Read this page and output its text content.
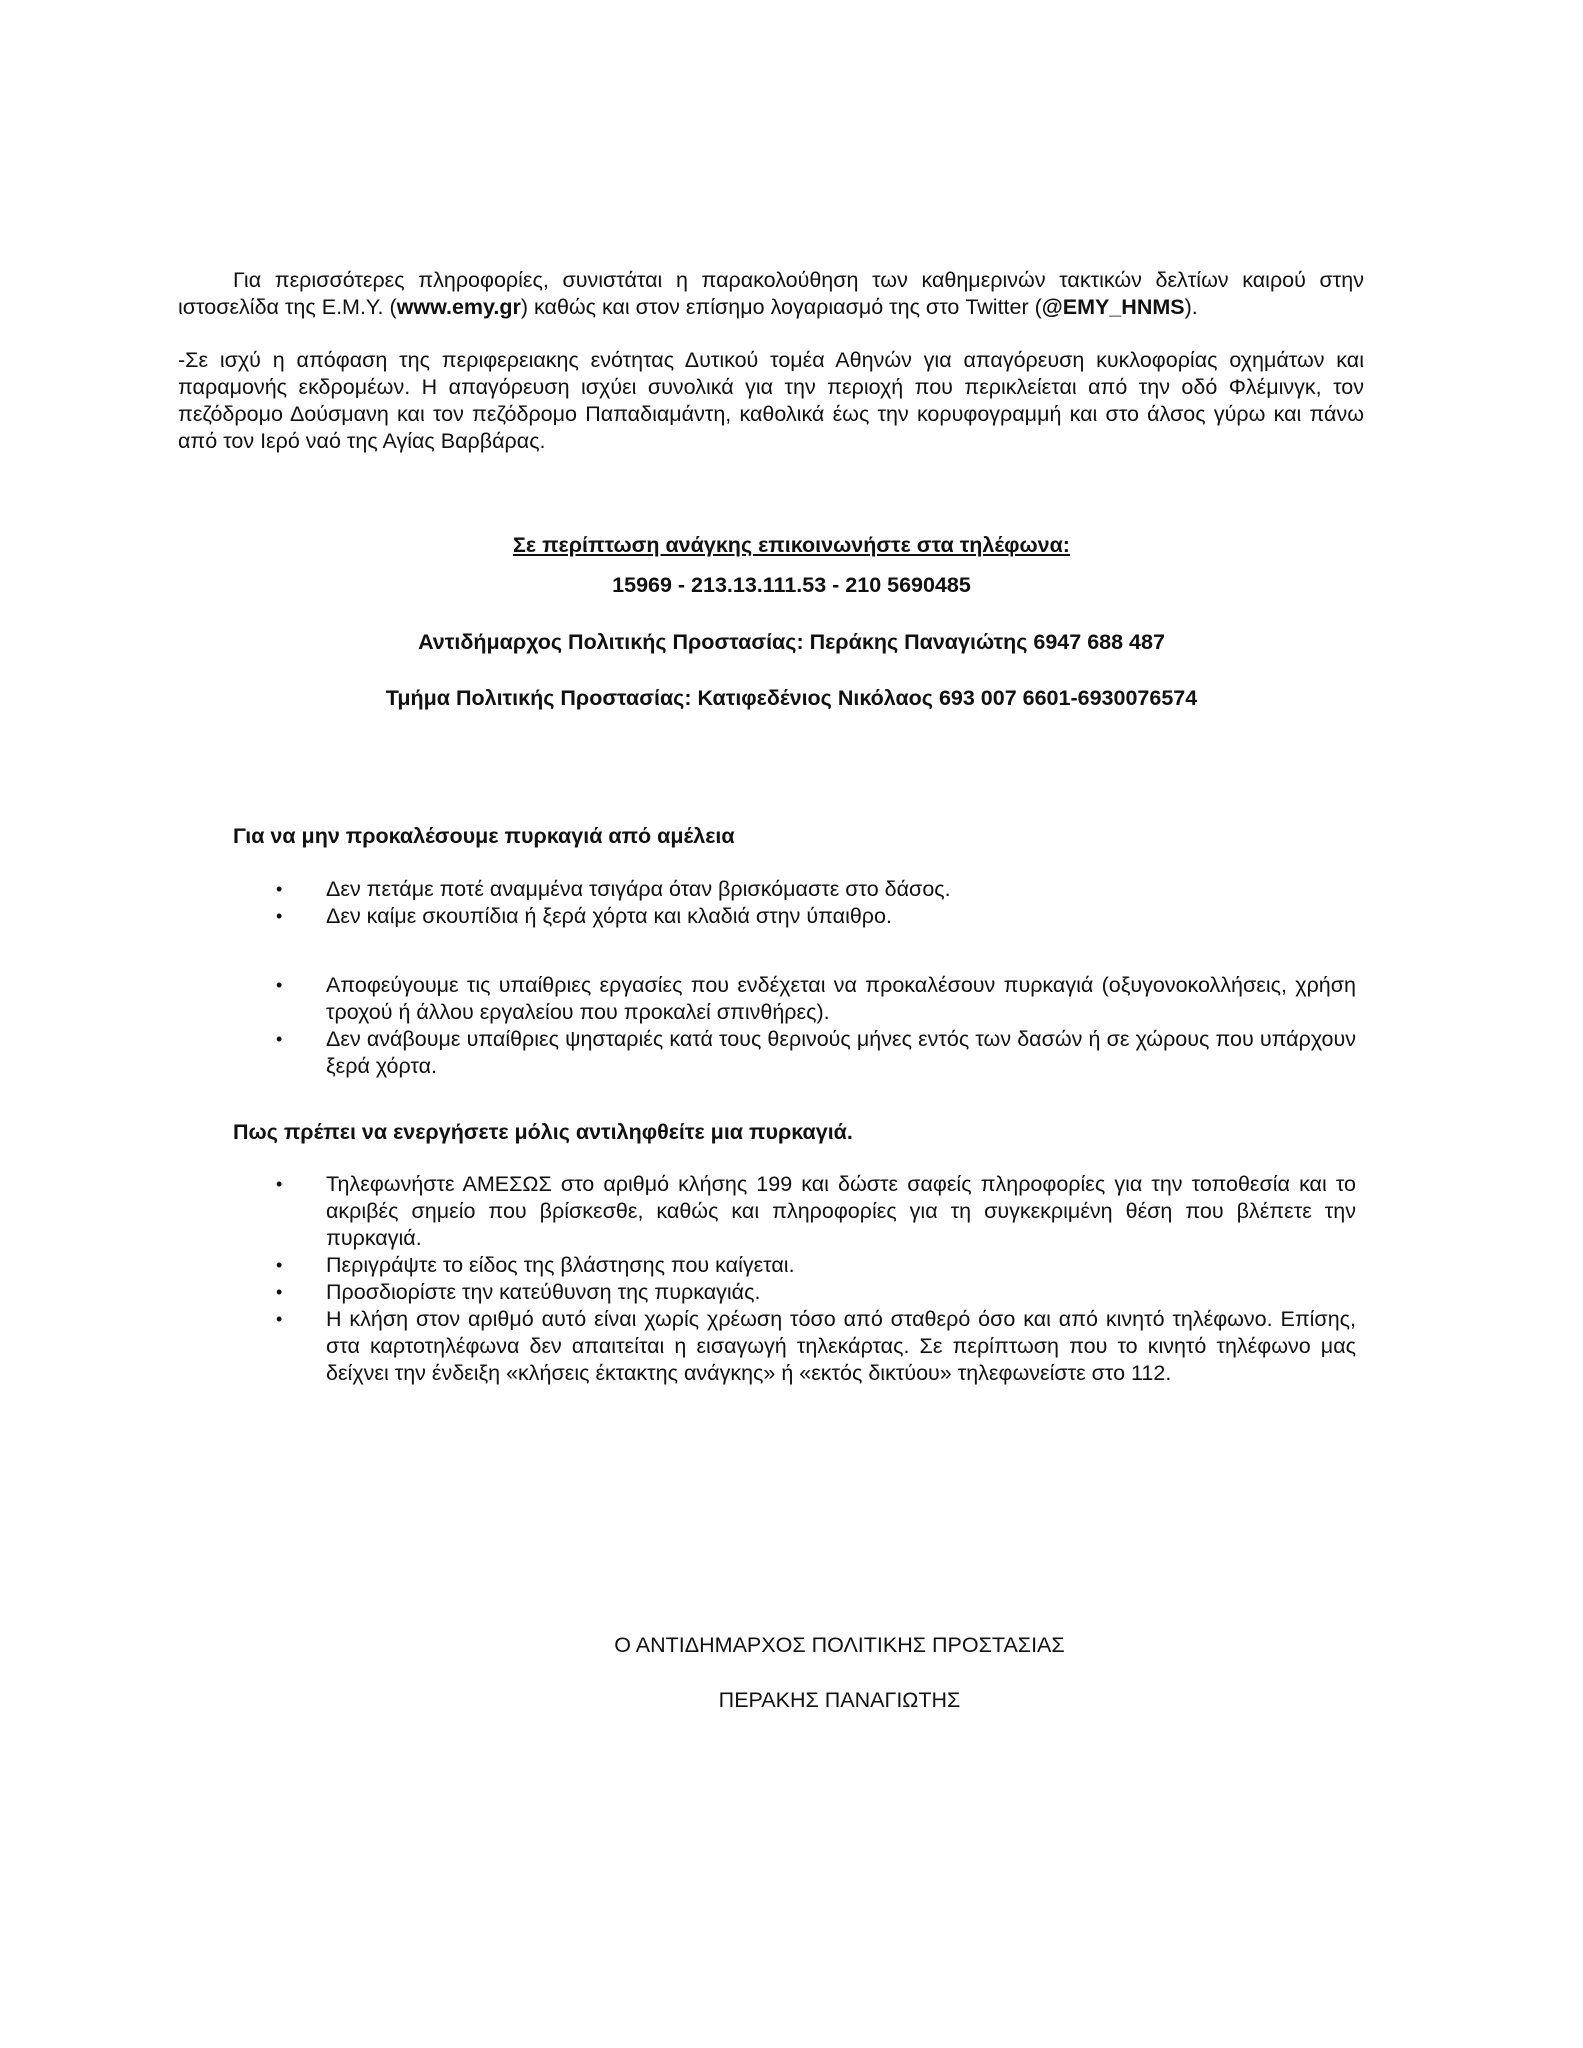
Για περισσότερες πληροφορίες, συνιστάται η παρακολούθηση των καθημερινών τακτικών δελτίων καιρού στην ιστοσελίδα της Ε.Μ.Υ. (www.emy.gr) καθώς και στον επίσημο λογαριασμό της στο Twitter (@EMY_HNMS).

-Σε ισχύ η απόφαση της περιφερειακης ενότητας Δυτικού τομέα Αθηνών για απαγόρευση κυκλοφορίας οχημάτων και παραμονής εκδρομέων. Η απαγόρευση ισχύει συνολικά για την περιοχή που περικλείεται από την οδό Φλέμινγκ, τον πεζόδρομο Δούσμανη και τον πεζόδρομο Παπαδιαμάντη, καθολικά έως την κορυφογραμμή και στο άλσος γύρω και πάνω από τον Ιερό ναό της Αγίας Βαρβάρας.

Σε περίπτωση ανάγκης επικοινωνήστε στα τηλέφωνα:

15969 - 213.13.111.53 - 210 5690485

Αντιδήμαρχος Πολιτικής Προστασίας: Περάκης Παναγιώτης 6947 688 487

Τμήμα Πολιτικής Προστασίας: Κατιφεδένιος Νικόλαος 693 007 6601-6930076574

Για να μην προκαλέσουμε πυρκαγιά από αμέλεια

• Δεν πετάμε ποτέ αναμμένα τσιγάρα όταν βρισκόμαστε στο δάσος.
• Δεν καίμε σκουπίδια ή ξερά χόρτα και κλαδιά στην ύπαιθρο.
• Αποφεύγουμε τις υπαίθριες εργασίες που ενδέχεται να προκαλέσουν πυρκαγιά (οξυγονοκολλήσεις, χρήση τροχού ή άλλου εργαλείου που προκαλεί σπινθήρες).
• Δεν ανάβουμε υπαίθριες ψησταριές κατά τους θερινούς μήνες εντός των δασών ή σε χώρους που υπάρχουν ξερά χόρτα.

Πως πρέπει να ενεργήσετε μόλις αντιληφθείτε μια πυρκαγιά.

• Τηλεφωνήστε ΑΜΕΣΩΣ στο αριθμό κλήσης 199 και δώστε σαφείς πληροφορίες για την τοποθεσία και το ακριβές σημείο που βρίσκεσθε, καθώς και πληροφορίες για τη συγκεκριμένη θέση που βλέπετε την πυρκαγιά.
• Περιγράψτε το είδος της βλάστησης που καίγεται.
• Προσδιορίστε την κατεύθυνση της πυρκαγιάς.
• Η κλήση στον αριθμό αυτό είναι χωρίς χρέωση τόσο από σταθερό όσο και από κινητό τηλέφωνο. Επίσης, στα καρτοτηλέφωνα δεν απαιτείται η εισαγωγή τηλεκάρτας. Σε περίπτωση που το κινητό τηλέφωνο μας δείχνει την ένδειξη «κλήσεις έκτακτης ανάγκης» ή «εκτός δικτύου» τηλεφωνείστε στο 112.

Ο ΑΝΤΙΔΗΜΑΡΧΟΣ ΠΟΛΙΤΙΚΗΣ ΠΡΟΣΤΑΣΙΑΣ

ΠΕΡΑΚΗΣ ΠΑΝΑΓΙΩΤΗΣ
